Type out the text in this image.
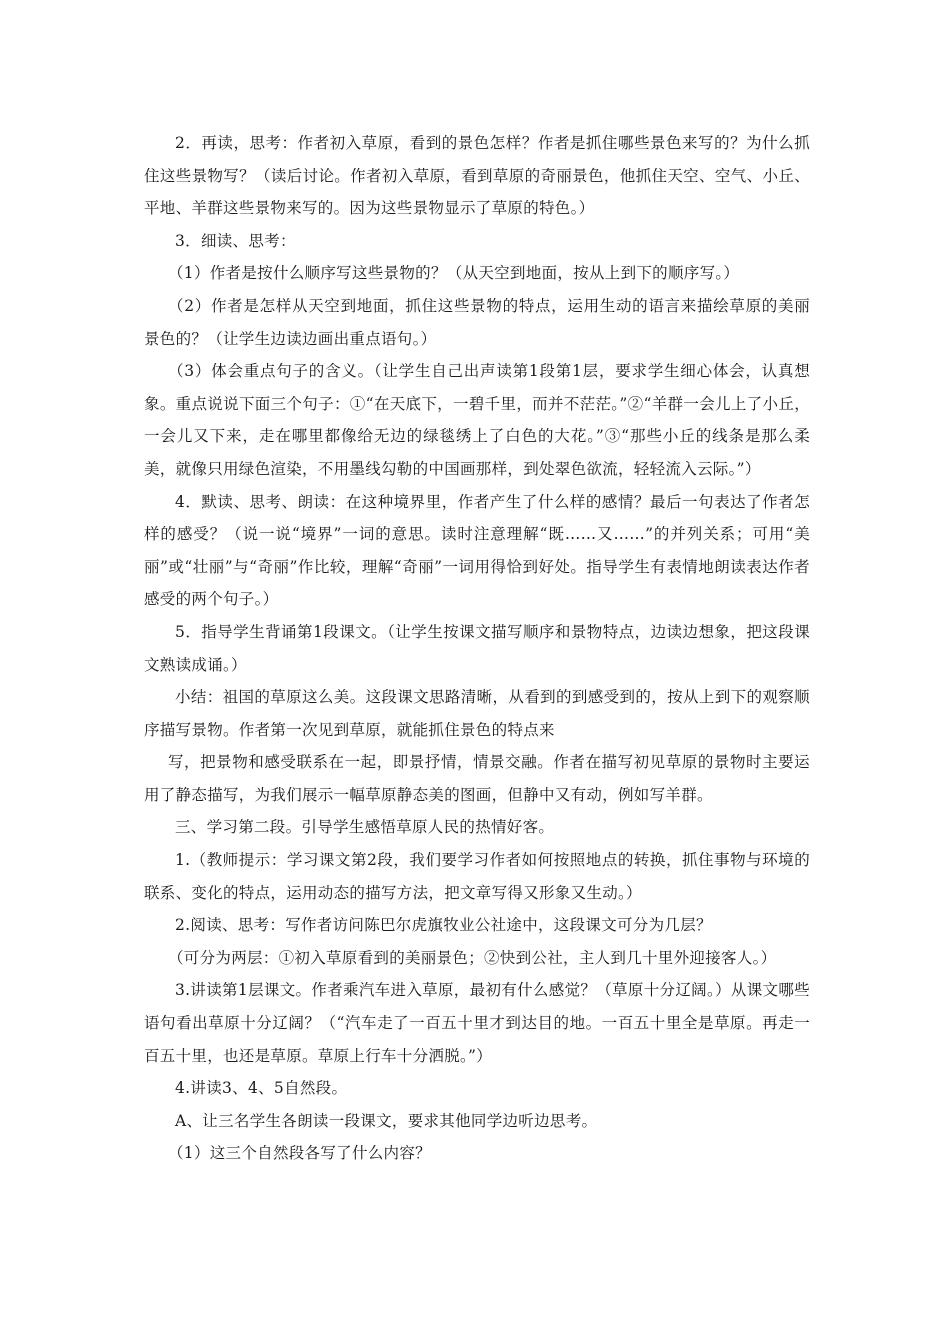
2．再读，思考：作者初入草原，看到的景色怎样？作者是抓住哪些景色来写的？为什么抓住这些景物写？（读后讨论。作者初入草原，看到草原的奇丽景色，他抓住天空、空气、小丘、平地、羊群这些景物来写的。因为这些景物显示了草原的特色。）

3．细读、思考：

（1）作者是按什么顺序写这些景物的？（从天空到地面，按从上到下的顺序写。）

（2）作者是怎样从天空到地面，抓住这些景物的特点，运用生动的语言来描绘草原的美丽景色的？（让学生边读边画出重点语句。）

（3）体会重点句子的含义。（让学生自己出声读第1段第1层，要求学生细心体会，认真想象。重点说说下面三个句子：①“在天底下，一碧千里，而并不茫茫。”②“羊群一会儿上了小丘，一会儿又下来，走在哪里都像给无边的绿毯绣上了白色的大花。”③“那些小丘的线条是那么柔美，就像只用绿色渲染，不用墨线勾勒的中国画那样，到处翠色欲流，轻轻流入云际。”）

4．默读、思考、朗读：在这种境界里，作者产生了什么样的感情？最后一句表达了作者怎样的感受？（说一说“境界”一词的意思。读时注意理解“既……又……”的并列关系；可用“美丽”或“壮丽”与“奇丽”作比较，理解“奇丽”一词用得恰到好处。指导学生有表情地朗读表达作者感受的两个句子。）

5．指导学生背诵第1段课文。（让学生按课文描写顺序和景物特点，边读边想象，把这段课文熟读成诵。）

小结：祖国的草原这么美。这段课文思路清晰，从看到的到感受到的，按从上到下的观察顺序描写景物。作者第一次见到草原，就能抓住景色的特点来

写，把景物和感受联系在一起，即景抒情，情景交融。作者在描写初见草原的景物时主要运用了静态描写，为我们展示一幅草原静态美的图画，但静中又有动，例如写羊群。

三、学习第二段。引导学生感悟草原人民的热情好客。

1.（教师提示：学习课文第2段，我们要学习作者如何按照地点的转换，抓住事物与环境的联系、变化的特点，运用动态的描写方法，把文章写得又形象又生动。）

2.阅读、思考：写作者访问陈巴尔虎旗牧业公社途中，这段课文可分为几层？

（可分为两层：①初入草原看到的美丽景色；②快到公社，主人到几十里外迎接客人。）

3.讲读第1层课文。作者乘汽车进入草原，最初有什么感觉？（草原十分辽阔。）从课文哪些语句看出草原十分辽阔？（“汽车走了一百五十里才到达目的地。一百五十里全是草原。再走一百五十里，也还是草原。草原上行车十分洒脱。”）

4.讲读3、4、5自然段。

A、让三名学生各朗读一段课文，要求其他同学边听边思考。

（1）这三个自然段各写了什么内容？
